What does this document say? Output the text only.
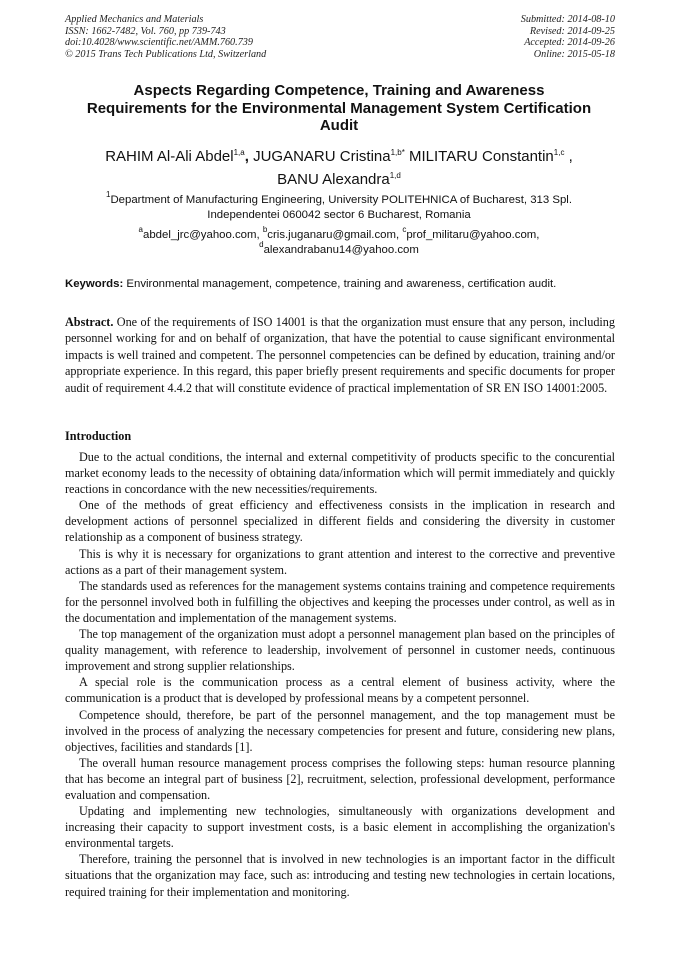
Applied Mechanics and Materials
ISSN: 1662-7482, Vol. 760, pp 739-743
doi:10.4028/www.scientific.net/AMM.760.739
© 2015 Trans Tech Publications Ltd, Switzerland
Submitted: 2014-08-10
Revised: 2014-09-25
Accepted: 2014-09-26
Online: 2015-05-18
Aspects Regarding Competence, Training and Awareness
Requirements for the Environmental Management System Certification
Audit
RAHIM Al-Ali Abdel$^{1,a}$, JUGANARU Cristina$^{1,b*}$ MILITARU Constantin$^{1,c}$ ,
BANU Alexandra$^{1,d}$
$^1$Department of Manufacturing Engineering, University POLITEHNICA of Bucharest, 313 Spl.
Independentei 060042 sector 6 Bucharest, Romania
$^a$abdel_jrc@yahoo.com, $^b$cris.juganaru@gmail.com, $^c$prof_militaru@yahoo.com,
$^d$alexandrabanu14@yahoo.com
Keywords: Environmental management, competence, training and awareness, certification audit.
Abstract. One of the requirements of ISO 14001 is that the organization must ensure that any person, including personnel working for and on behalf of organization, that have the potential to cause significant environmental impacts is well trained and competent. The personnel competencies can be defined by education, training and/or appropriate experience. In this regard, this paper briefly present requirements and specific documents for proper audit of requirement 4.4.2 that will constitute evidence of practical implementation of SR EN ISO 14001:2005.
Introduction

Due to the actual conditions, the internal and external competitivity of products specific to the concurential market economy leads to the necessity of obtaining data/information which will permit immediately and quickly reactions in concordance with the new necessities/requirements.

One of the methods of great efficiency and effectiveness consists in the implication in research and development actions of personnel specialized in different fields and considering the diversity in customer relationship as a component of business strategy.

This is why it is necessary for organizations to grant attention and interest to the corrective and preventive actions as a part of their management system.

The standards used as references for the management systems contains training and competence requirements for the personnel involved both in fulfilling the objectives and keeping the processes under control, as well as in the documentation and implementation of the management systems.

The top management of the organization must adopt a personnel management plan based on the principles of quality management, with reference to leadership, involvement of personnel in customer needs, continuous improvement and strong supplier relationships.

A special role is the communication process as a central element of business activity, where the communication is a product that is developed by professional means by a competent personnel.

Competence should, therefore, be part of the personnel management, and the top management must be involved in the process of analyzing the necessary competencies for present and future, considering new plans, objectives, facilities and standards [1].

The overall human resource management process comprises the following steps: human resource planning that has become an integral part of business [2], recruitment, selection, professional development, performance evaluation and compensation.

Updating and implementing new technologies, simultaneously with organizations development and increasing their capacity to support investment costs, is a basic element in accomplishing the organization's environmental targets.

Therefore, training the personnel that is involved in new technologies is an important factor in the difficult situations that the organization may face, such as: introducing and testing new technologies in certain locations, required training for their implementation and monitoring.
